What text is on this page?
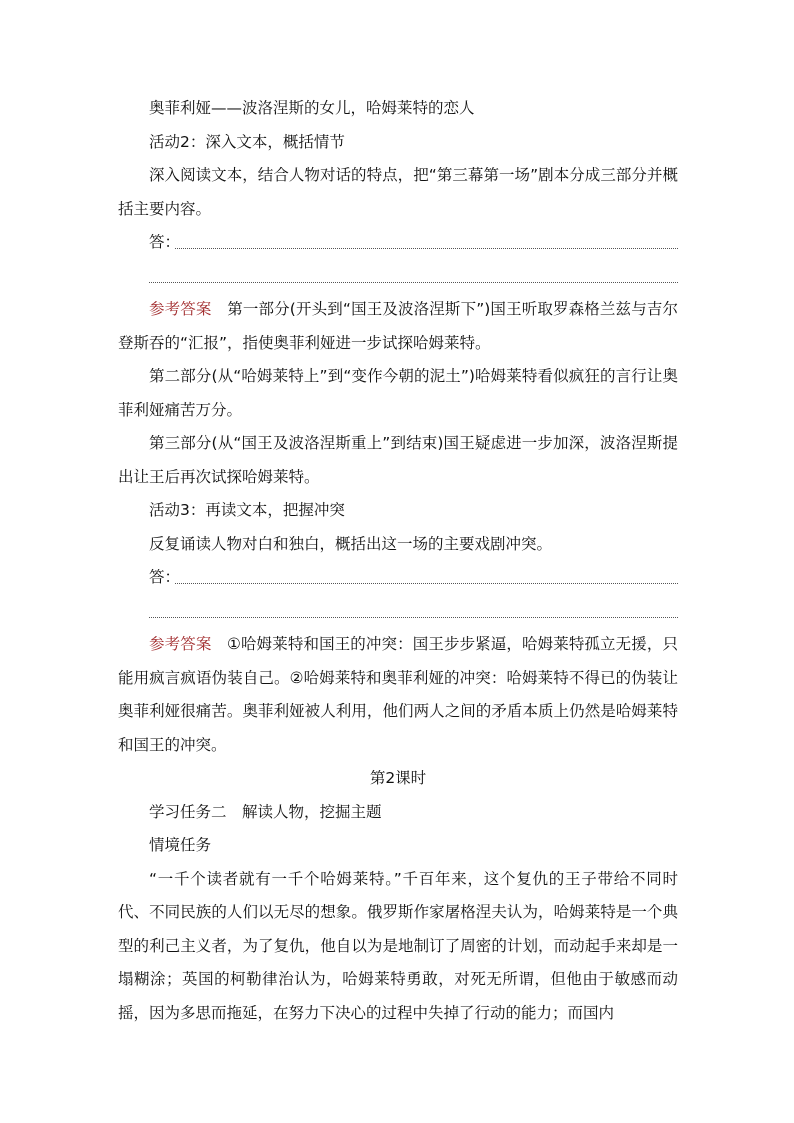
奥菲利娅——波洛涅斯的女儿，哈姆莱特的恋人

活动2：深入文本，概括情节

深入阅读文本，结合人物对话的特点，把“第三幕第一场”剧本分成三部分并概括主要内容。

答：

参考答案　 第一部分(开头到“国王及波洛涅斯下”)国王听取罗森格兰兹与吉尔登斯吞的“汇报”，指使奥菲利娅进一步试探哈姆莱特。

第二部分(从“哈姆莱特上”到“变作今朝的泥土”)哈姆莱特看似疯狂的言行让奥菲利娅痛苦万分。

第三部分(从“国王及波洛涅斯重上”到结束)国王疑虑进一步加深，波洛涅斯提出让王后再次试探哈姆莱特。

活动3：再读文本，把握冲突

反复诵读人物对白和独白，概括出这一场的主要戏剧冲突。

答：

参考答案　 ①哈姆莱特和国王的冲突：国王步步紧逼，哈姆莱特孤立无援，只能用疯言疯语伪装自己。②哈姆莱特和奥菲利娅的冲突：哈姆莱特不得已的伪装让奥菲利娅很痛苦。奥菲利娅被人利用，他们两人之间的矛盾本质上仍然是哈姆莱特和国王的冲突。

第2课时

学习任务二　解读人物，挖掘主题

情境任务

“一千个读者就有一千个哈姆莱特。”千百年来，这个复仇的王子带给不同时代、不同民族的人们以无尽的想象。俄罗斯作家屠格涅夫认为，哈姆莱特是一个典型的利己主义者，为了复仇，他自以为是地制订了周密的计划，而动起手来却是一塌糊涂；英国的柯勒律治认为，哈姆莱特勇敢，对死无所谓，但他由于敏感而动摇，因为多思而拖延，在努力下决心的过程中失掉了行动的能力；而国内
